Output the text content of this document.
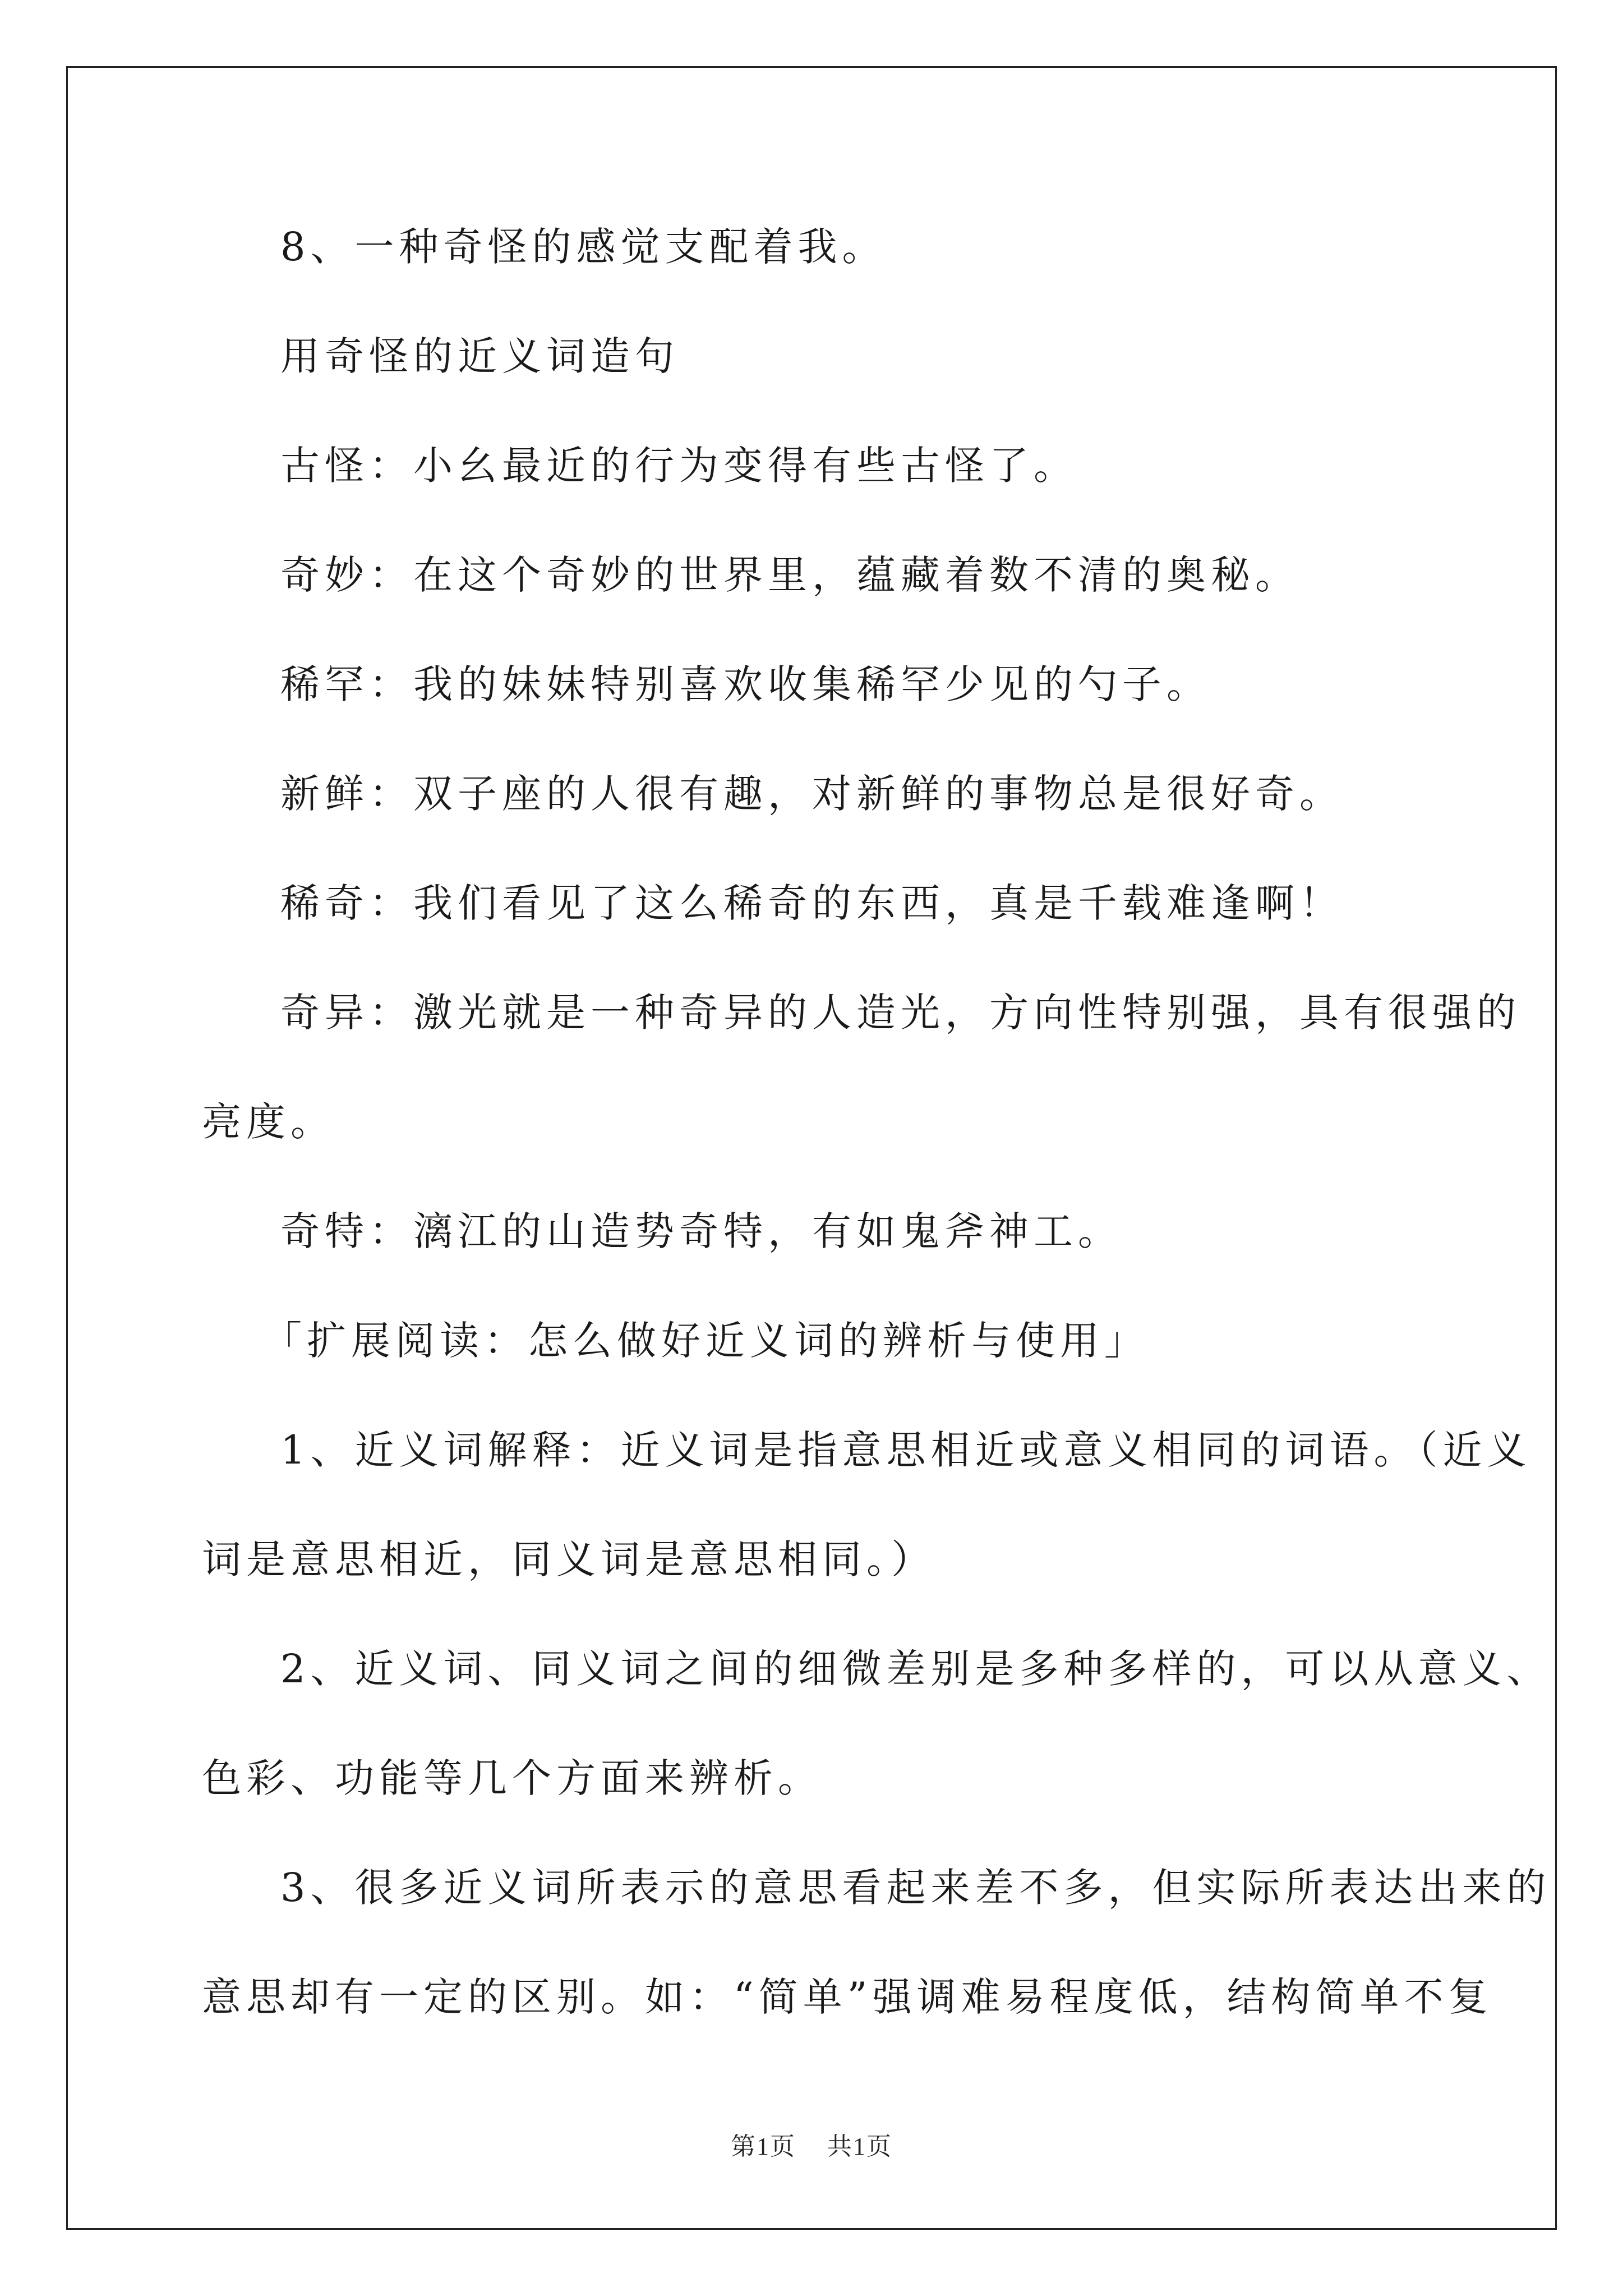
8、一种奇怪的感觉支配着我。
用奇怪的近义词造句
古怪：小幺最近的行为变得有些古怪了。
奇妙：在这个奇妙的世界里，蕴藏着数不清的奥秘。
稀罕：我的妹妹特别喜欢收集稀罕少见的勺子。
新鲜：双子座的人很有趣，对新鲜的事物总是很好奇。
稀奇：我们看见了这么稀奇的东西，真是千载难逢啊！
奇异：激光就是一种奇异的人造光，方向性特别强，具有很强的
亮度。
奇特：漓江的山造势奇特，有如鬼斧神工。
「扩展阅读：怎么做好近义词的辨析与使用」
1、近义词解释：近义词是指意思相近或意义相同的词语。（近义
词是意思相近，同义词是意思相同。）
2、近义词、同义词之间的细微差别是多种多样的，可以从意义、
色彩、功能等几个方面来辨析。
3、很多近义词所表示的意思看起来差不多，但实际所表达出来的
意思却有一定的区别。如：“简单”强调难易程度低，结构简单不复
第1页 共1页
